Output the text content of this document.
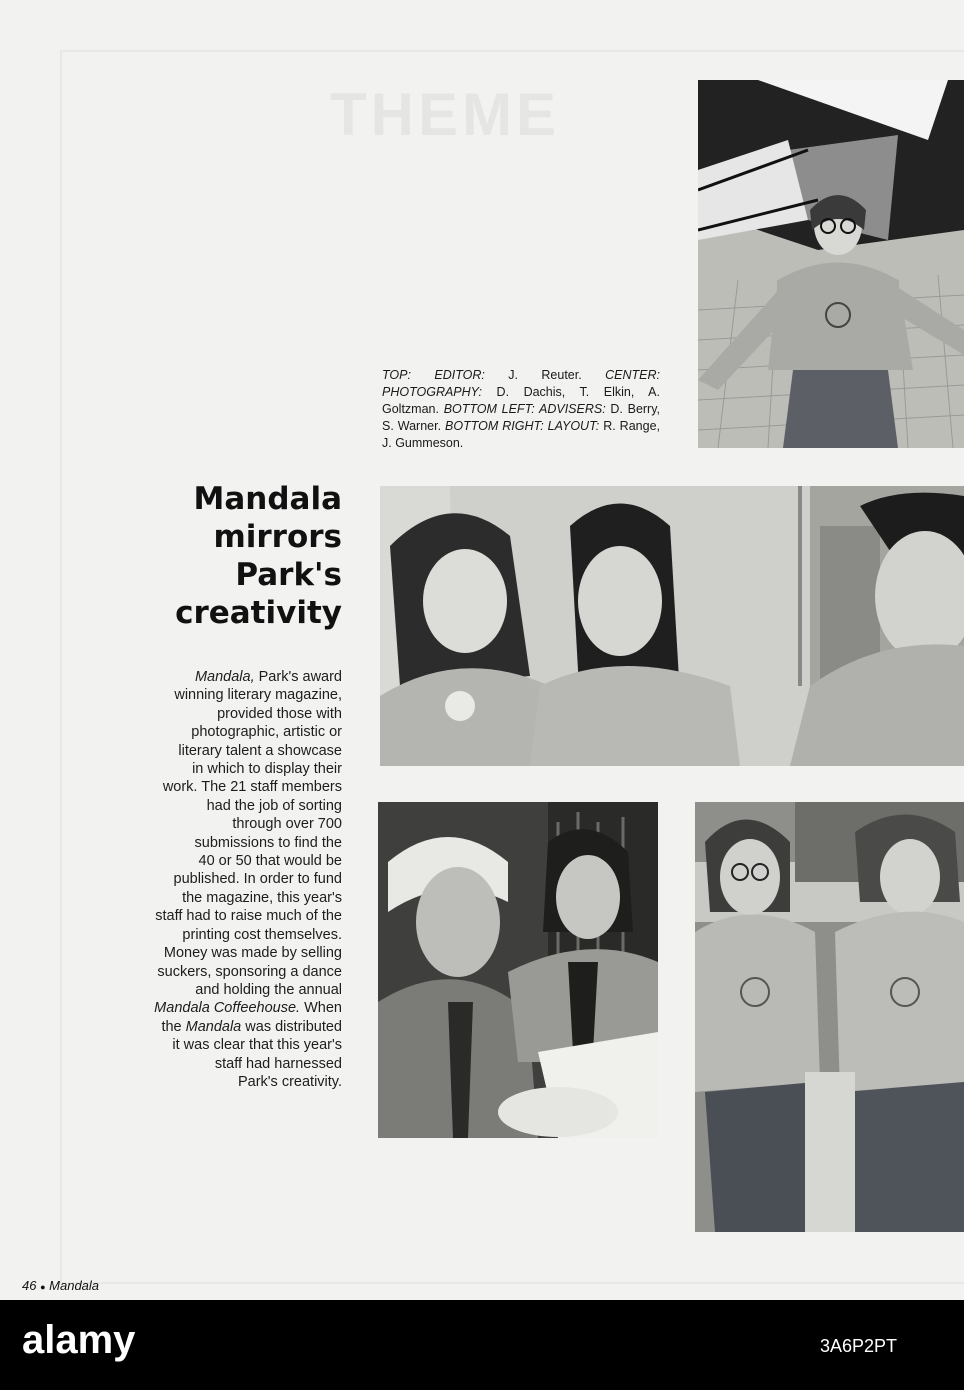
THEME
TOP: EDITOR: J. Reuter. CENTER: PHOTOGRAPHY: D. Dachis, T. Elkin, A. Goltzman. BOTTOM LEFT: ADVISERS: D. Berry, S. Warner. BOTTOM RIGHT: LAYOUT: R. Range, J. Gummeson.
Mandala
mirrors
Park's
creativity
Mandala, Park's award
winning literary magazine,
provided those with
photographic, artistic or
literary talent a showcase
in which to display their
work. The 21 staff members
had the job of sorting
through over 700
submissions to find the
40 or 50 that would be
published. In order to fund
the magazine, this year's
staff had to raise much of the
printing cost themselves.
Money was made by selling
suckers, sponsoring a dance
and holding the annual
Mandala Coffeehouse. When
the Mandala was distributed
it was clear that this year's
staff had harnessed
Park's creativity.
46 ● Mandala
alamy	3A6P2PT
